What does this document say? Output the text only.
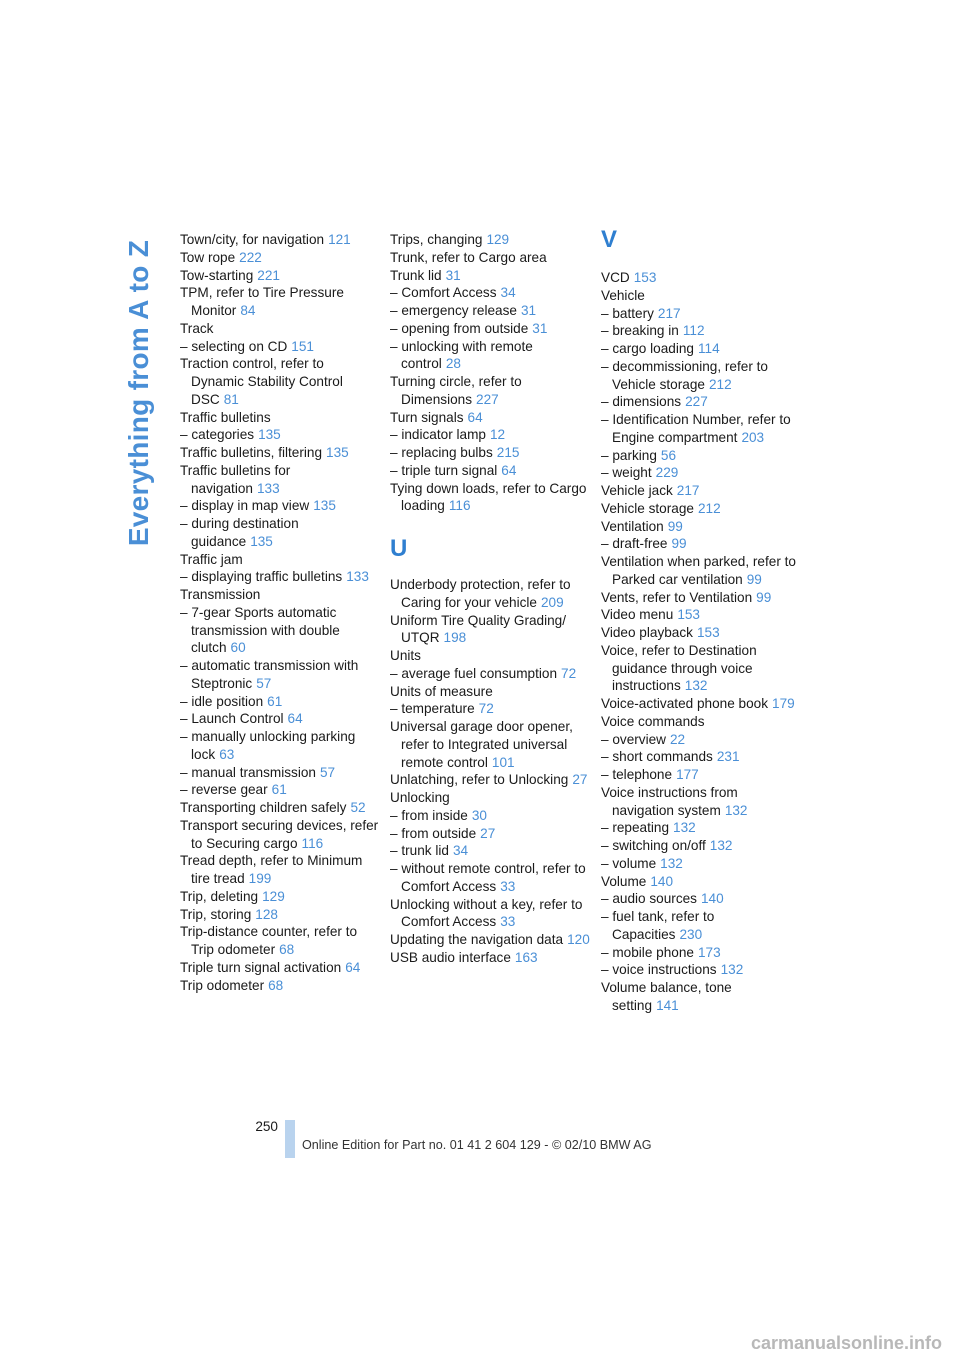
Everything from A to Z
Town/city, for navigation 121
Tow rope 222
Tow-starting 221
TPM, refer to Tire Pressure Monitor 84
Track
– selecting on CD 151
Traction control, refer to Dynamic Stability Control DSC 81
Traffic bulletins
– categories 135
Traffic bulletins, filtering 135
Traffic bulletins for navigation 133
– display in map view 135
– during destination guidance 135
Traffic jam
– displaying traffic bulletins 133
Transmission
– 7-gear Sports automatic transmission with double clutch 60
– automatic transmission with Steptronic 57
– idle position 61
– Launch Control 64
– manually unlocking parking lock 63
– manual transmission 57
– reverse gear 61
Transporting children safely 52
Transport securing devices, refer to Securing cargo 116
Tread depth, refer to Minimum tire tread 199
Trip, deleting 129
Trip, storing 128
Trip-distance counter, refer to Trip odometer 68
Triple turn signal activation 64
Trip odometer 68
Trips, changing 129
Trunk, refer to Cargo area
Trunk lid 31
– Comfort Access 34
– emergency release 31
– opening from outside 31
– unlocking with remote control 28
Turning circle, refer to Dimensions 227
Turn signals 64
– indicator lamp 12
– replacing bulbs 215
– triple turn signal 64
Tying down loads, refer to Cargo loading 116
U
Underbody protection, refer to Caring for your vehicle 209
Uniform Tire Quality Grading/ UTQR 198
Units
– average fuel consumption 72
Units of measure
– temperature 72
Universal garage door opener, refer to Integrated universal remote control 101
Unlatching, refer to Unlocking 27
Unlocking
– from inside 30
– from outside 27
– trunk lid 34
– without remote control, refer to Comfort Access 33
Unlocking without a key, refer to Comfort Access 33
Updating the navigation data 120
USB audio interface 163
V
VCD 153
Vehicle
– battery 217
– breaking in 112
– cargo loading 114
– decommissioning, refer to Vehicle storage 212
– dimensions 227
– Identification Number, refer to Engine compartment 203
– parking 56
– weight 229
Vehicle jack 217
Vehicle storage 212
Ventilation 99
– draft-free 99
Ventilation when parked, refer to Parked car ventilation 99
Vents, refer to Ventilation 99
Video menu 153
Video playback 153
Voice, refer to Destination guidance through voice instructions 132
Voice-activated phone book 179
Voice commands
– overview 22
– short commands 231
– telephone 177
Voice instructions from navigation system 132
– repeating 132
– switching on/off 132
– volume 132
Volume 140
– audio sources 140
– fuel tank, refer to Capacities 230
– mobile phone 173
– voice instructions 132
Volume balance, tone setting 141
250
Online Edition for Part no. 01 41 2 604 129 - © 02/10 BMW AG
carmanualsonline.info
